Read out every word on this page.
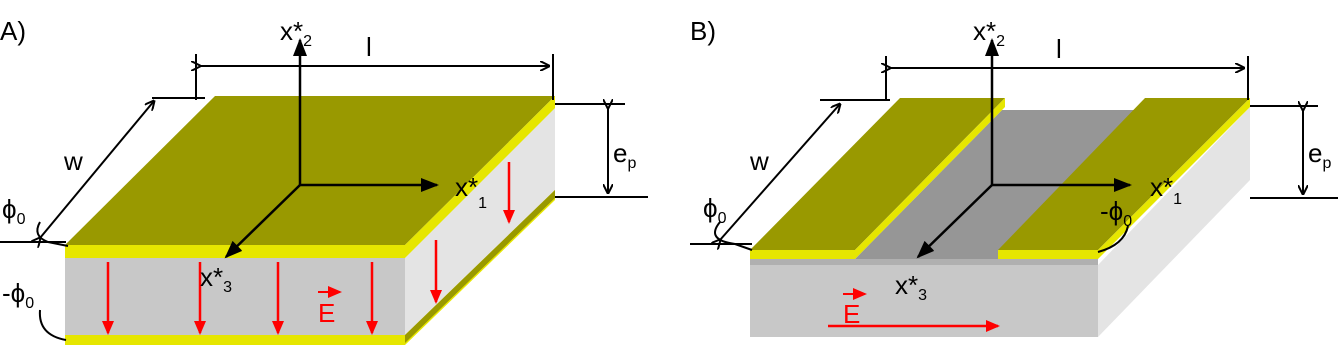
E
$x*_2$
$x*_1$
$x*_3$
l
w	$e_p$
$\phi_0$
$-\phi_0$
A)
E
$x*_2$
$x*_1$
$x*_3$
l
w	$e_p$
$\phi_0$	$-\phi_0$
B)
